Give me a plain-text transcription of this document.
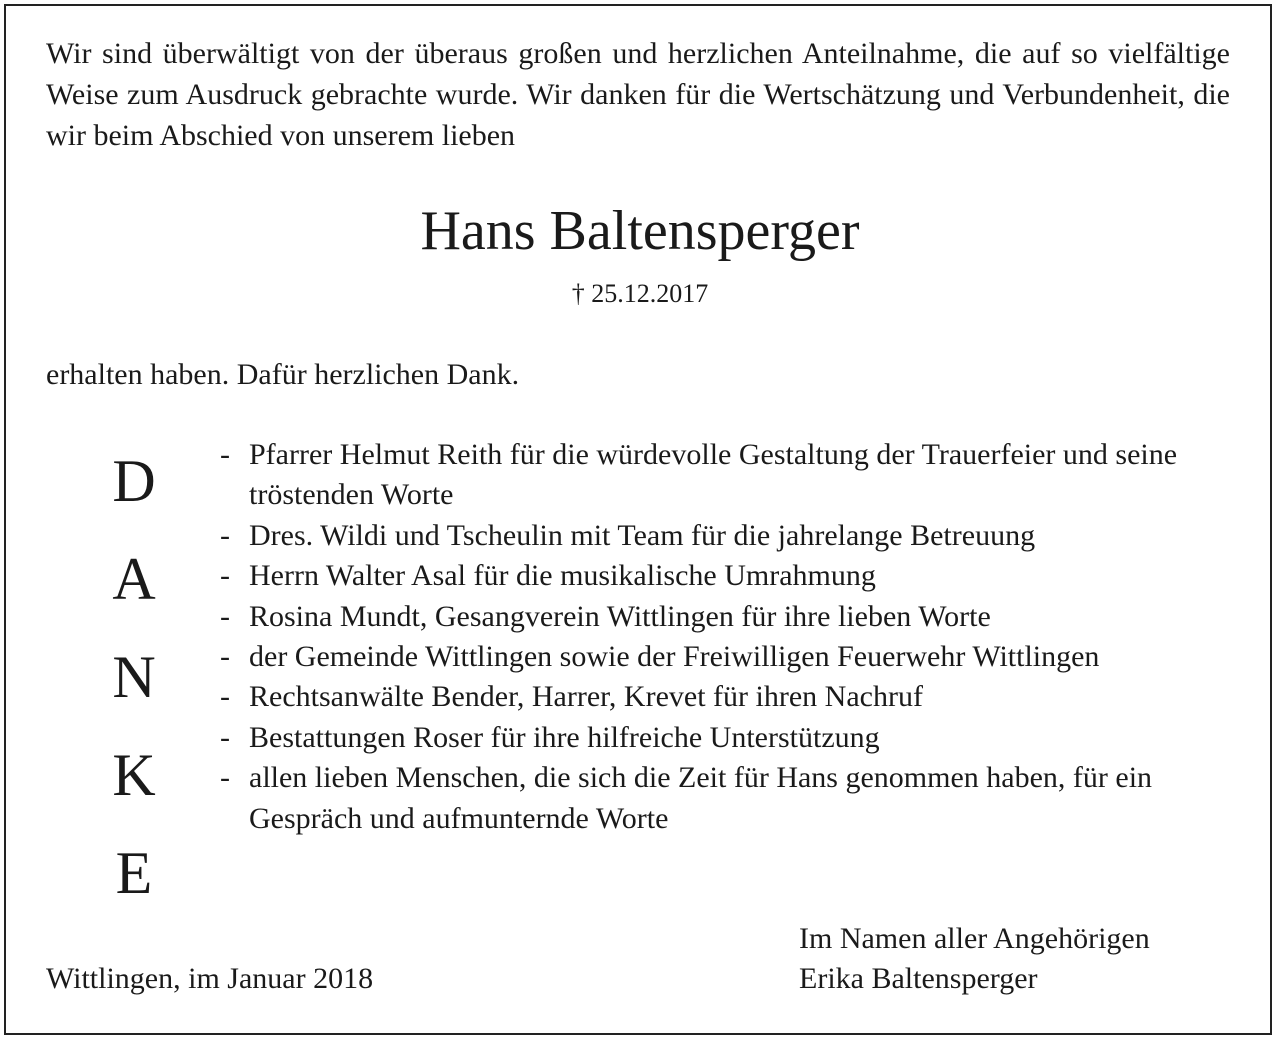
Wir sind überwältigt von der überaus großen und herzlichen Anteilnahme, die auf so vielfältige Weise zum Ausdruck gebrachte wurde. Wir danken für die Wertschätzung und Verbundenheit, die wir beim Abschied von unserem lieben

Hans Baltensperger
† 25.12.2017
erhalten haben. Dafür herzlichen Dank.
D
A
N
K
E
- Pfarrer Helmut Reith für die würdevolle Gestaltung der Trauerfeier und seine tröstenden Worte
- Dres. Wildi und Tscheulin mit Team für die jahrelange Betreuung
- Herrn Walter Asal für die musikalische Umrahmung
- Rosina Mundt, Gesangverein Wittlingen für ihre lieben Worte
- der Gemeinde Wittlingen sowie der Freiwilligen Feuerwehr Wittlingen
- Rechtsanwälte Bender, Harrer, Krevet für ihren Nachruf
- Bestattungen Roser für ihre hilfreiche Unterstützung
- allen lieben Menschen, die sich die Zeit für Hans genommen haben, für ein Gespräch und aufmunternde Worte
Wittlingen, im Januar 2018
Im Namen aller Angehörigen
Erika Baltensperger
